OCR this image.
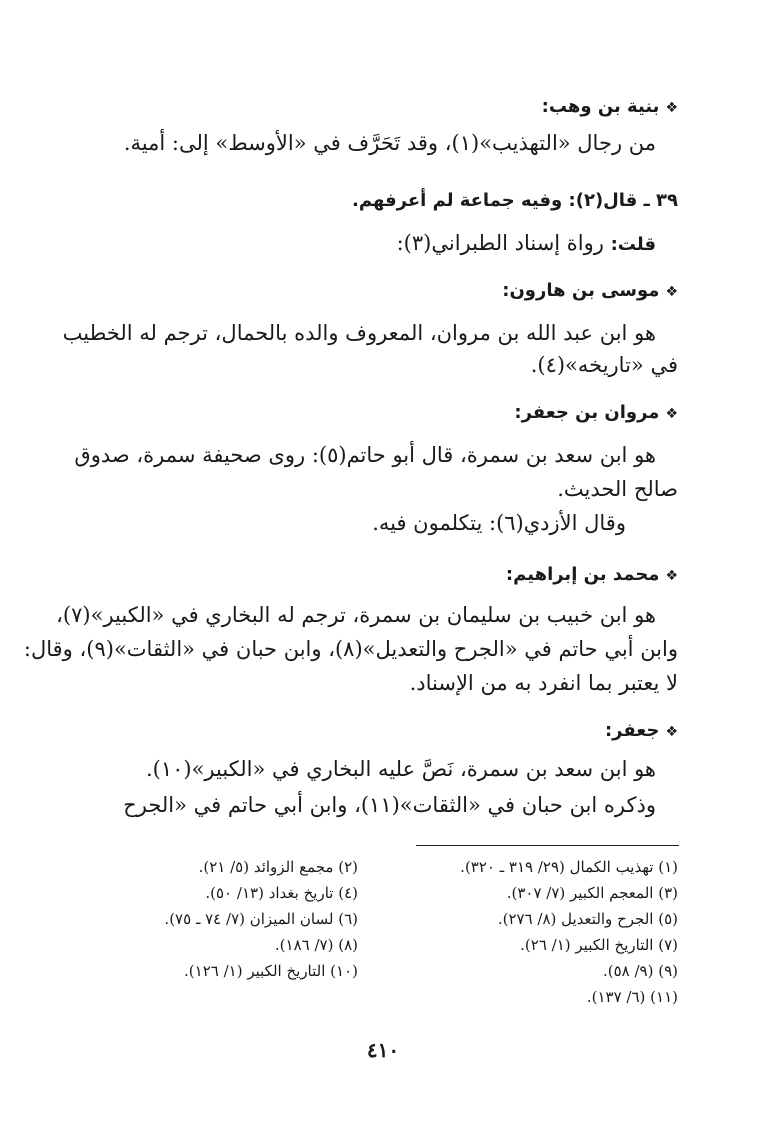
❖بنية بن وهب:
من رجال «التهذيب»(١)، وقد تَحَرَّف في «الأوسط» إلى: أمية.
٣٩ ـ قال(٢): وفيه جماعة لم أعرفهم.
قلت: رواة إسناد الطبراني(٣):
❖موسى بن هارون:
هو ابن عبد الله بن مروان، المعروف والده بالحمال، ترجم له الخطيب
في «تاريخه»(٤).
❖مروان بن جعفر:
هو ابن سعد بن سمرة، قال أبو حاتم(٥): روى صحيفة سمرة، صدوق
صالح الحديث.
وقال الأزدي(٦): يتكلمون فيه.
❖محمد بن إبراهيم:
هو ابن خبيب بن سليمان بن سمرة، ترجم له البخاري في «الكبير»(٧)،
وابن أبي حاتم في «الجرح والتعديل»(٨)، وابن حبان في «الثقات»(٩)، وقال:
لا يعتبر بما انفرد به من الإسناد.
❖جعفر:
هو ابن سعد بن سمرة، نَصَّ عليه البخاري في «الكبير»(١٠).
وذكره ابن حبان في «الثقات»(١١)، وابن أبي حاتم في «الجرح
(١) تهذيب الكمال (٢٩/ ٣١٩ ـ ٣٢٠).
(٣) المعجم الكبير (٧/ ٣٠٧).
(٥) الجرح والتعديل (٨/ ٢٧٦).
(٧) التاريخ الكبير (١/ ٢٦).
(٩) (٩/ ٥٨).
(١١) (٦/ ١٣٧).
(٢) مجمع الزوائد (٥/ ٢١).
(٤) تاريخ بغداد (١٣/ ٥٠).
(٦) لسان الميزان (٧/ ٧٤ ـ ٧٥).
(٨) (٧/ ١٨٦).
(١٠) التاريخ الكبير (١/ ١٢٦).
٤١٠
